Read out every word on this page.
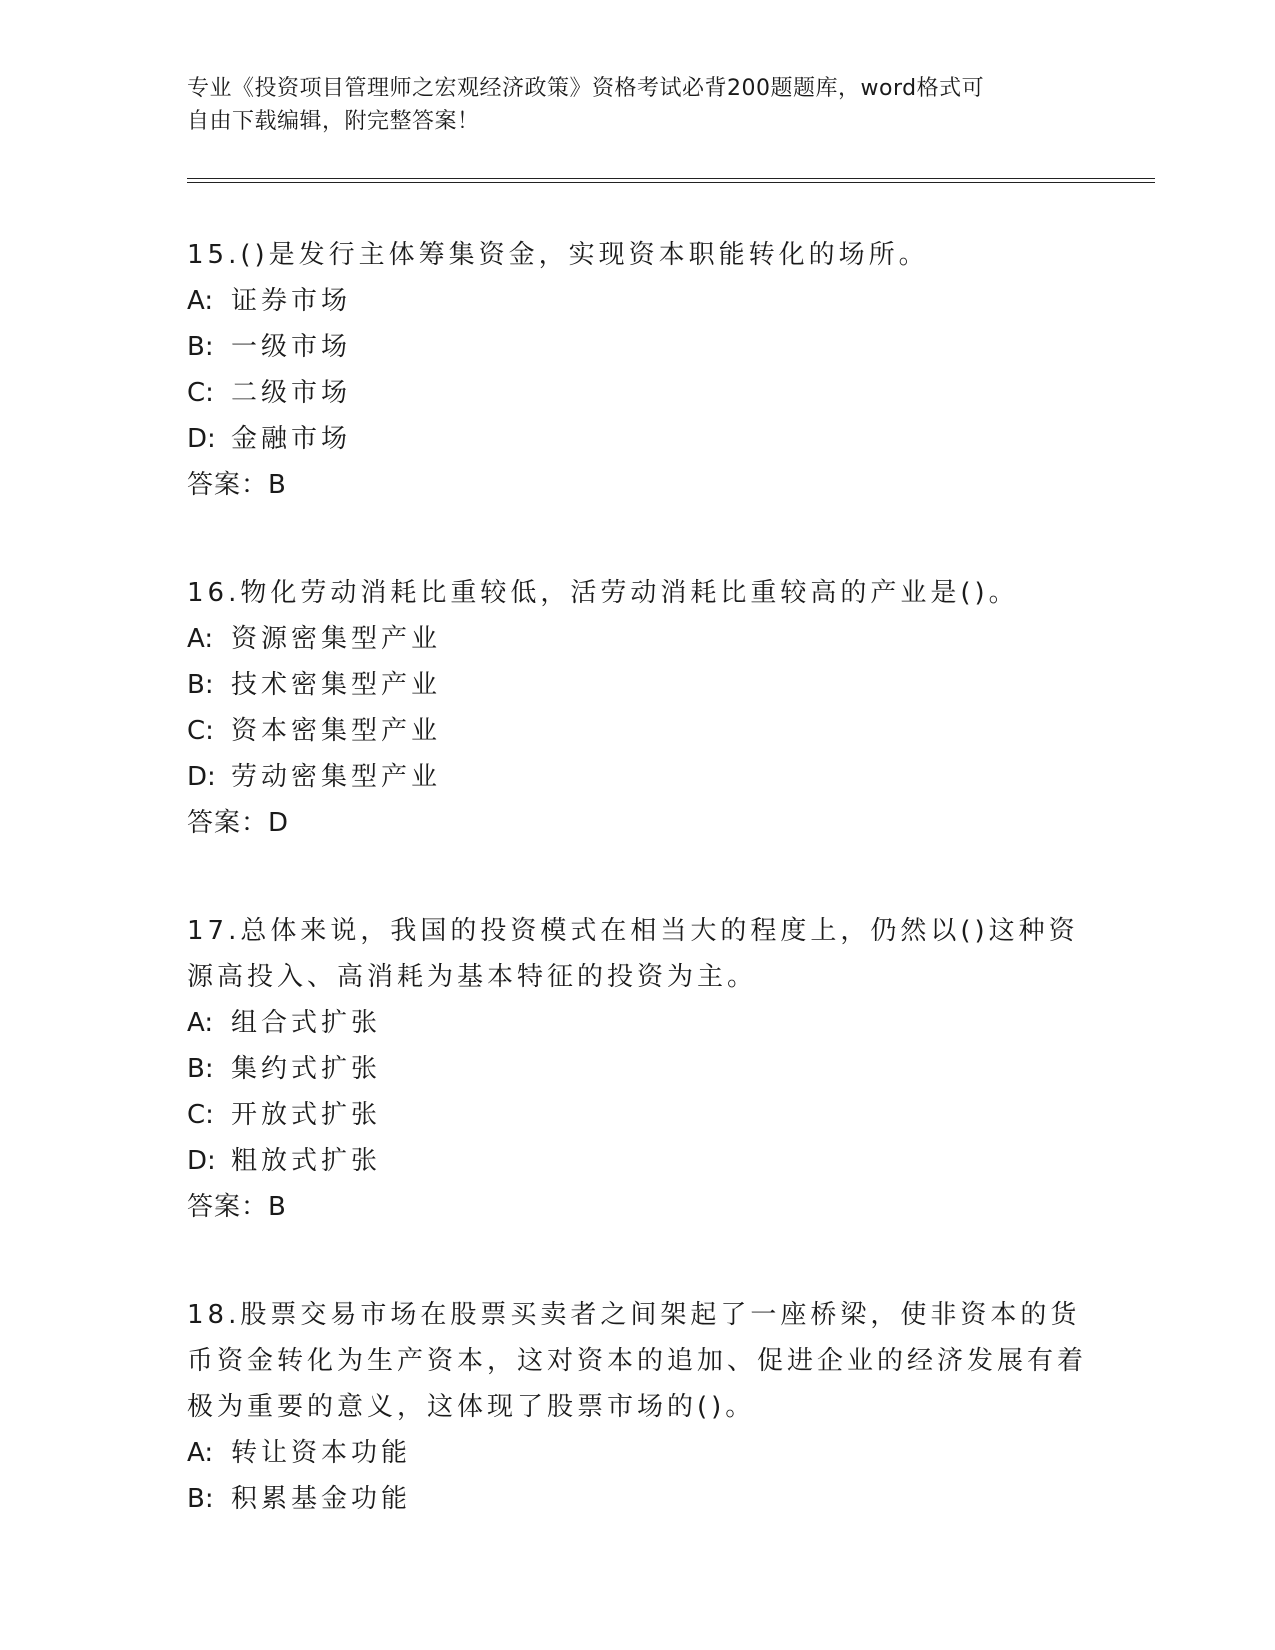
专业《投资项目管理师之宏观经济政策》资格考试必背200题题库，word格式可
自由下载编辑，附完整答案！
15.()是发行主体筹集资金，实现资本职能转化的场所。
A: 证券市场
B: 一级市场
C: 二级市场
D: 金融市场
答案：B
16.物化劳动消耗比重较低，活劳动消耗比重较高的产业是()。
A: 资源密集型产业
B: 技术密集型产业
C: 资本密集型产业
D: 劳动密集型产业
答案：D
17.总体来说，我国的投资模式在相当大的程度上，仍然以()这种资源高投入、高消耗为基本特征的投资为主。
A: 组合式扩张
B: 集约式扩张
C: 开放式扩张
D: 粗放式扩张
答案：B
18.股票交易市场在股票买卖者之间架起了一座桥梁，使非资本的货币资金转化为生产资本，这对资本的追加、促进企业的经济发展有着极为重要的意义，这体现了股票市场的()。
A: 转让资本功能
B: 积累基金功能
